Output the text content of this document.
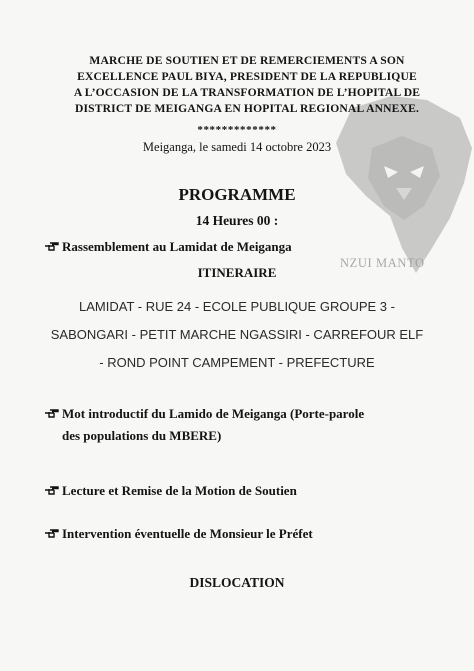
NZUI MANTO
MARCHE DE SOUTIEN ET DE REMERCIEMENTS A SON
EXCELLENCE PAUL BIYA, PRESIDENT DE LA REPUBLIQUE
A L’OCCASION DE LA TRANSFORMATION DE L’HOPITAL DE
DISTRICT DE MEIGANGA EN HOPITAL REGIONAL ANNEXE.
*************
Meiganga, le samedi 14 octobre 2023
PROGRAMME
14 Heures 00 :
Rassemblement au Lamidat de Meiganga
ITINERAIRE
LAMIDAT - RUE 24 - ECOLE PUBLIQUE GROUPE 3 -
SABONGARI - PETIT MARCHE NGASSIRI - CARREFOUR ELF
- ROND POINT CAMPEMENT - PREFECTURE
Mot introductif du Lamido de Meiganga (Porte-parole
des populations du MBERE)
Lecture et Remise de la Motion de Soutien
Intervention éventuelle de Monsieur le Préfet
DISLOCATION
